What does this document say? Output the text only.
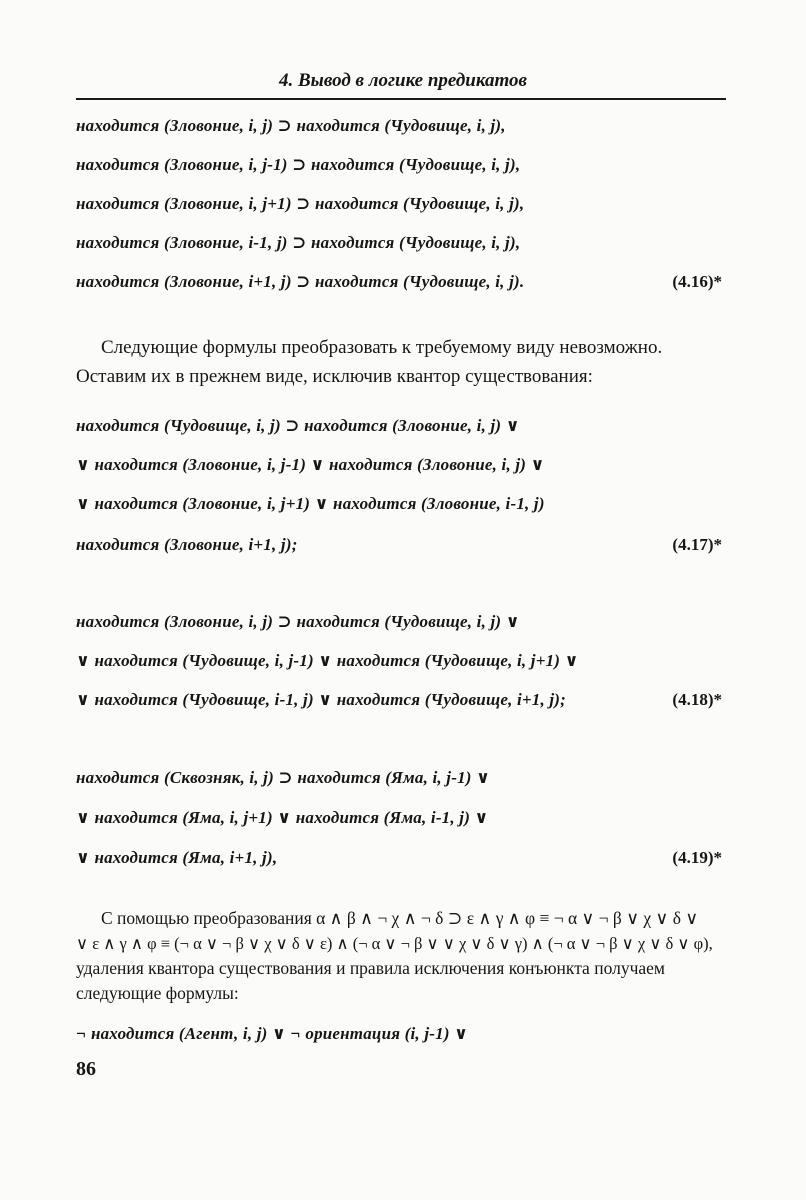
4. Вывод в логике предикатов
находится (Зловоние, i, j) ⊃ находится (Чудовище, i, j),
находится (Зловоние, i, j-1) ⊃ находится (Чудовище, i, j),
находится (Зловоние, i, j+1) ⊃ находится (Чудовище, i, j),
находится (Зловоние, i-1, j) ⊃ находится (Чудовище, i, j),
находится (Зловоние, i+1, j) ⊃ находится (Чудовище, i, j).	(4.16)*

Следующие формулы преобразовать к требуемому виду невозможно.

Оставим их в прежнем виде, исключив квантор существования:

находится (Чудовище, i, j) ⊃ находится (Зловоние, i, j) ∨
∨ находится (Зловоние, i, j-1) ∨ находится (Зловоние, i, j) ∨
∨ находится (Зловоние, i, j+1) ∨ находится (Зловоние, i-1, j)
находится (Зловоние, i+1, j);	(4.17)*
находится (Зловоние, i, j) ⊃ находится (Чудовище, i, j) ∨
∨ находится (Чудовище, i, j-1) ∨ находится (Чудовище, i, j+1) ∨
∨ находится (Чудовище, i-1, j) ∨ находится (Чудовище, i+1, j);	(4.18)*
находится (Сквозняк, i, j) ⊃ находится (Яма, i, j-1) ∨
∨ находится (Яма, i, j+1) ∨ находится (Яма, i-1, j) ∨
∨ находится (Яма, i+1, j),	(4.19)*
С помощью преобразования α ∧ β ∧ ¬ χ ∧ ¬ δ ⊃ ε ∧ γ ∧ φ ≡ ¬ α ∨ ¬ β ∨ χ ∨ δ ∨
∨ ε ∧ γ ∧ φ ≡ (¬ α ∨ ¬ β ∨ χ ∨ δ ∨ ε) ∧ (¬ α ∨ ¬ β ∨ ∨ χ ∨ δ ∨ γ) ∧ (¬ α ∨ ¬ β ∨ χ ∨ δ ∨ φ),
удаления квантора существования и правила исключения конъюнкта получаем
следующие формулы:
¬ находится (Агент, i, j) ∨ ¬ ориентация (i, j-1) ∨
86
